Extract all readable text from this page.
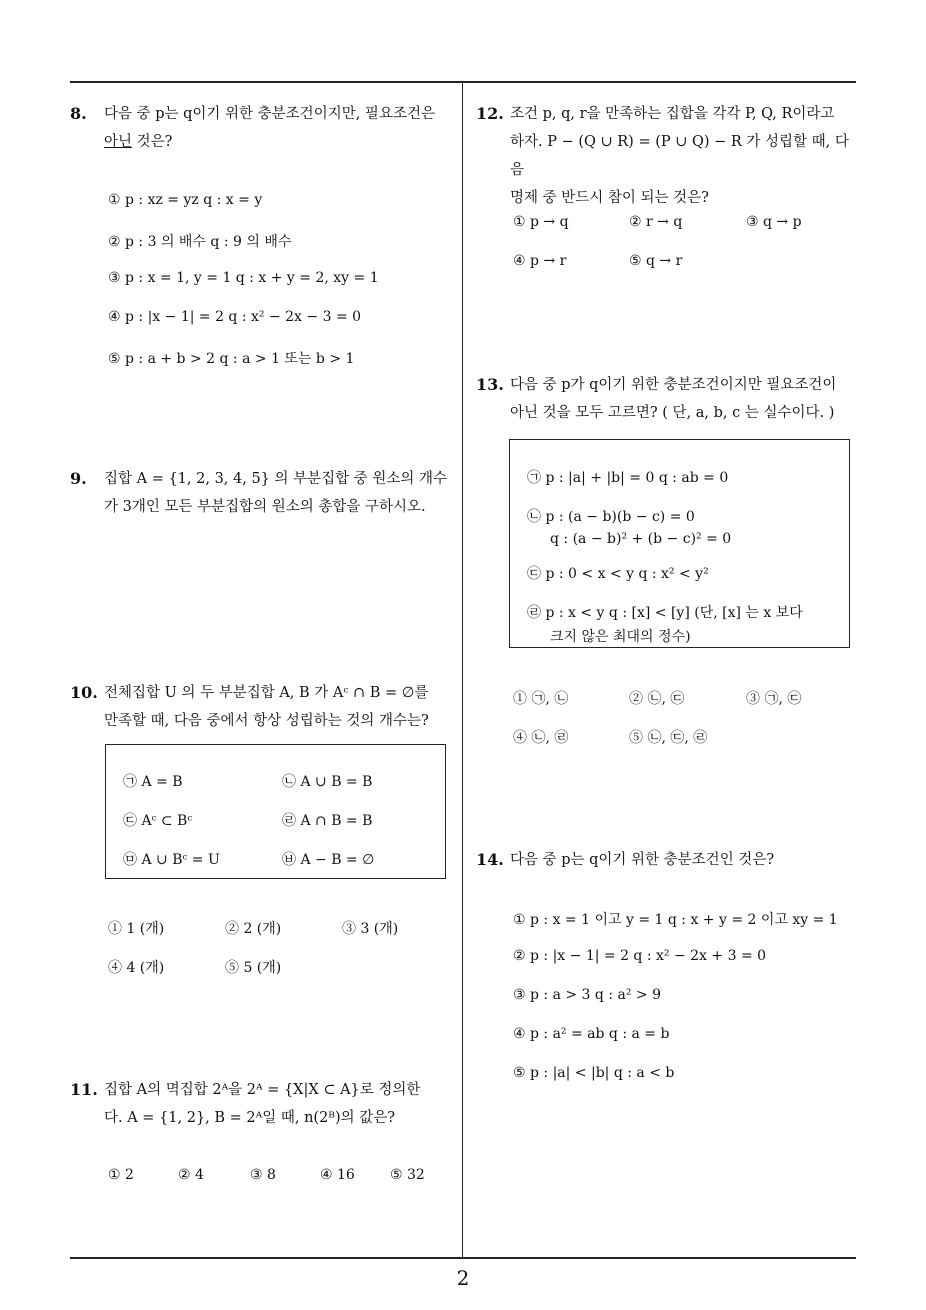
8. 다음 중 p는 q이기 위한 충분조건이지만, 필요조건은
아닌 것은?
① p : xz = yz q : x = y
② p : 3 의 배수 q : 9 의 배수
③ p : x = 1, y = 1 q : x + y = 2, xy = 1
④ p : |x − 1| = 2 q : x² − 2x − 3 = 0
⑤ p : a + b > 2 q : a > 1 또는 b > 1
9. 집합 A = {1, 2, 3, 4, 5} 의 부분집합 중 원소의 개수
가 3개인 모든 부분집합의 원소의 총합을 구하시오.
10. 전체집합 U 의 두 부분집합 A, B 가 Aᶜ ∩ B = ∅를
만족할 때, 다음 중에서 항상 성립하는 것의 개수는?
㉠ A = B	㉡ A ∪ B = B
㉢ Aᶜ ⊂ Bᶜ	㉣ A ∩ B = B
㉤ A ∪ Bᶜ = U	㉥ A − B = ∅
① 1 (개)	② 2 (개)	③ 3 (개)
④ 4 (개)	⑤ 5 (개)
11. 집합 A의 멱집합 2ᴬ을 2ᴬ = {X|X ⊂ A}로 정의한
다. A = {1, 2}, B = 2ᴬ일 때, n(2ᴮ)의 값은?
① 2	② 4	③ 8	④ 16	⑤ 32
12. 조건 p, q, r을 만족하는 집합을 각각 P, Q, R이라고
하자. P − (Q ∪ R) = (P ∪ Q) − R 가 성립할 때, 다음
명제 중 반드시 참이 되는 것은?
① p → q	② r → q	③ q → p
④ p → r	⑤ q → r
13. 다음 중 p가 q이기 위한 충분조건이지만 필요조건이
아닌 것을 모두 고르면? ( 단, a, b, c 는 실수이다. )
㉠ p : |a| + |b| = 0 q : ab = 0
㉡ p : (a − b)(b − c) = 0
q : (a − b)² + (b − c)² = 0
㉢ p : 0 < x < y q : x² < y²
㉣ p : x < y q : [x] < [y] (단, [x] 는 x 보다
크지 않은 최대의 정수)
① ㉠, ㉡	② ㉡, ㉢	③ ㉠, ㉢
④ ㉡, ㉣	⑤ ㉡, ㉢, ㉣
14. 다음 중 p는 q이기 위한 충분조건인 것은?
① p : x = 1 이고 y = 1 q : x + y = 2 이고 xy = 1
② p : |x − 1| = 2 q : x² − 2x + 3 = 0
③ p : a > 3 q : a² > 9
④ p : a² = ab q : a = b
⑤ p : |a| < |b| q : a < b
2
